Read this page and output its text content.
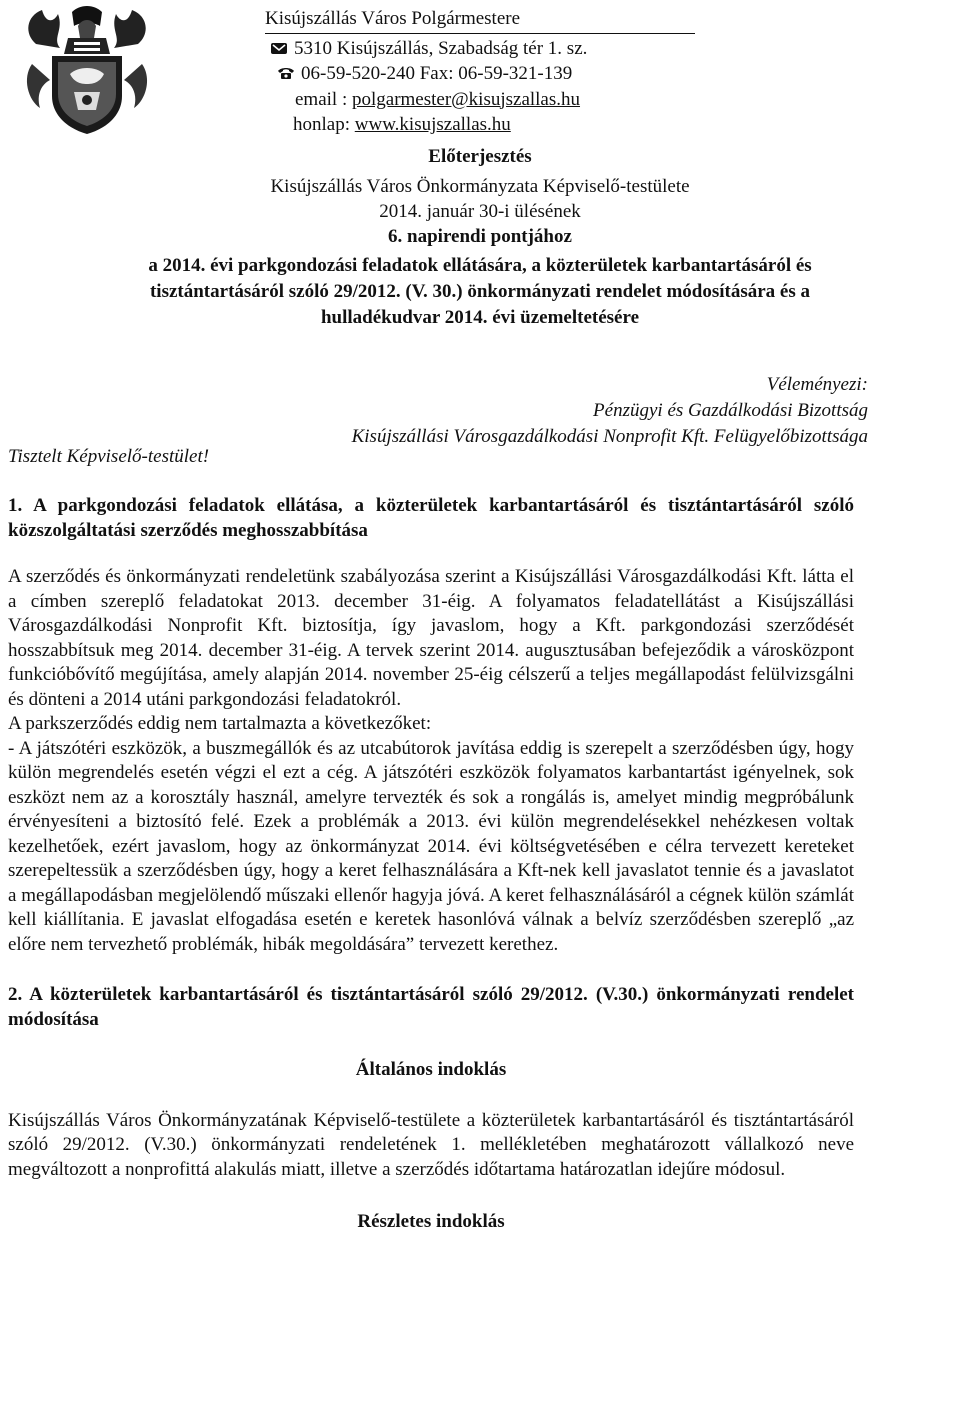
Kisújszállás Város Polgármestere
5310 Kisújszállás, Szabadság tér 1. sz.
06-59-520-240 Fax: 06-59-321-139
email : polgarmester@kisujszallas.hu
honlap: www.kisujszallas.hu
Előterjesztés
Kisújszállás Város Önkormányzata Képviselő-testülete
2014. január 30-i ülésének
6. napirendi pontjához
a 2014. évi parkgondozási feladatok ellátására, a közterületek karbantartásáról és
tisztántartásáról szóló 29/2012. (V. 30.) önkormányzati rendelet módosítására és a
hulladékudvar 2014. évi üzemeltetésére
Véleményezi:
Pénzügyi és Gazdálkodási Bizottság
Kisújszállási Városgazdálkodási Nonprofit Kft. Felügyelőbizottsága
Tisztelt Képviselő-testület!

1. A parkgondozási feladatok ellátása, a közterületek karbantartásáról és tisztántartásáról szóló közszolgáltatási szerződés meghosszabbítása

A szerződés és önkormányzati rendeletünk szabályozása szerint a Kisújszállási Városgazdálkodási Kft. látta el a címben szereplő feladatokat 2013. december 31-éig. A folyamatos feladatellátást a Kisújszállási Városgazdálkodási Nonprofit Kft. biztosítja, így javaslom, hogy a Kft. parkgondozási szerződését hosszabbítsuk meg 2014. december 31-éig. A tervek szerint 2014. augusztusában befejeződik a városközpont funkcióbővítő megújítása, amely alapján 2014. november 25-éig célszerű a teljes megállapodást felülvizsgálni és dönteni a 2014 utáni parkgondozási feladatokról.

A parkszerződés eddig nem tartalmazta a következőket:

- A játszótéri eszközök, a buszmegállók és az utcabútorok javítása eddig is szerepelt a szerződésben úgy, hogy külön megrendelés esetén végzi el ezt a cég. A játszótéri eszközök folyamatos karbantartást igényelnek, sok eszközt nem az a korosztály használ, amelyre tervezték és sok a rongálás is, amelyet mindig megpróbálunk érvényesíteni a biztosító felé. Ezek a problémák a 2013. évi külön megrendelésekkel nehézkesen voltak kezelhetőek, ezért javaslom, hogy az önkormányzat 2014. évi költségvetésében e célra tervezett kereteket szerepeltessük a szerződésben úgy, hogy a keret felhasználására a Kft-nek kell javaslatot tennie és a javaslatot a megállapodásban megjelölendő műszaki ellenőr hagyja jóvá. A keret felhasználásáról a cégnek külön számlát kell kiállítania. E javaslat elfogadása esetén e keretek hasonlóvá válnak a belvíz szerződésben szereplő „az előre nem tervezhető problémák, hibák megoldására” tervezett kerethez.

2. A közterületek karbantartásáról és tisztántartásáról szóló 29/2012. (V.30.) önkormányzati rendelet módosítása

Általános indoklás

Kisújszállás Város Önkormányzatának Képviselő-testülete a közterületek karbantartásáról és tisztántartásáról szóló 29/2012. (V.30.) önkormányzati rendeletének 1. mellékletében meghatározott vállalkozó neve megváltozott a nonprofittá alakulás miatt, illetve a szerződés időtartama határozatlan idejűre módosul.

Részletes indoklás
